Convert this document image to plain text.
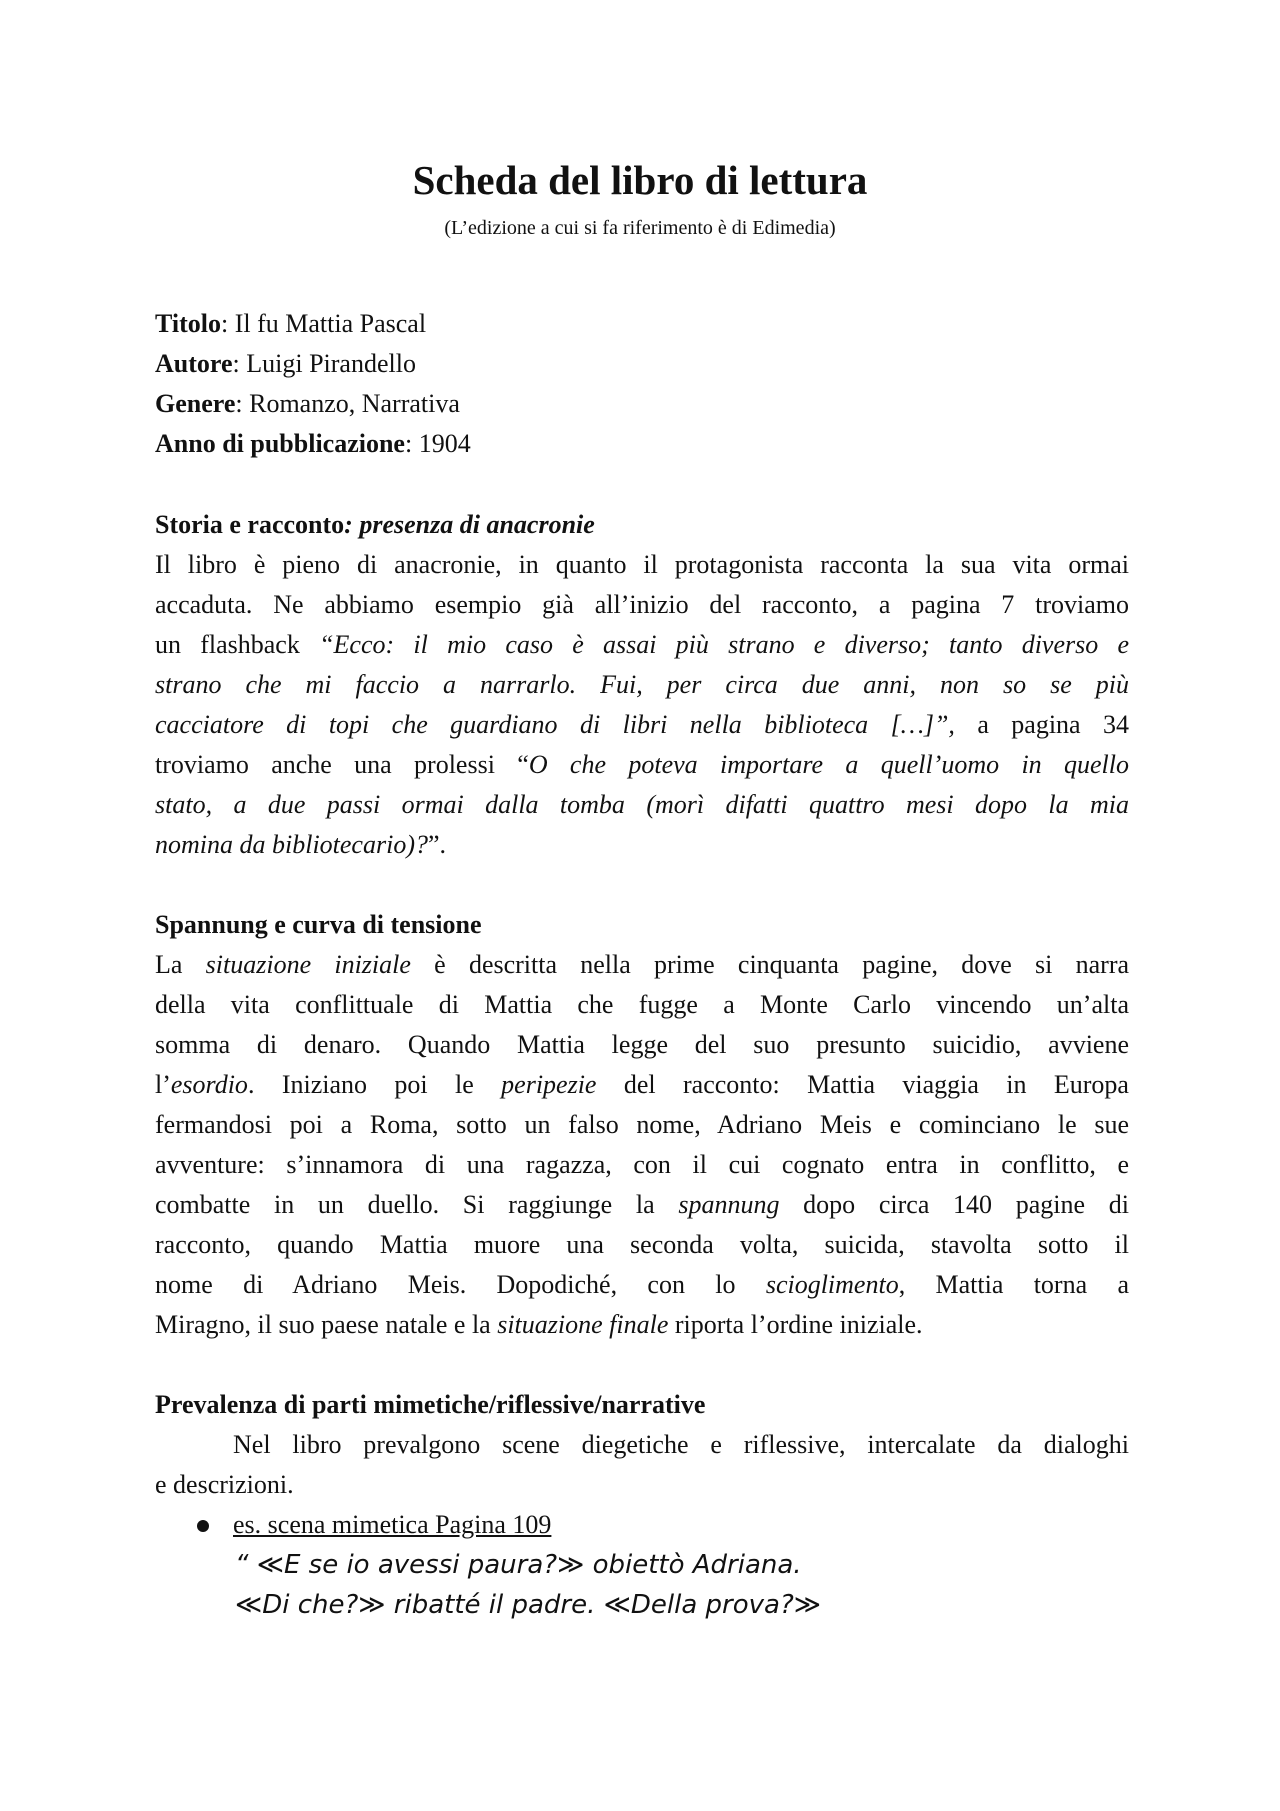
Scheda del libro di lettura
(L’edizione a cui si fa riferimento è di Edimedia)
Titolo: Il fu Mattia Pascal
Autore: Luigi Pirandello
Genere: Romanzo, Narrativa
Anno di pubblicazione: 1904
Storia e racconto: presenza di anacronie
Il libro è pieno di anacronie, in quanto il protagonista racconta la sua vita ormai
accaduta. Ne abbiamo esempio già all’inizio del racconto, a pagina 7 troviamo
un flashback “Ecco: il mio caso è assai più strano e diverso; tanto diverso e
strano che mi faccio a narrarlo. Fui, per circa due anni, non so se più
cacciatore di topi che guardiano di libri nella biblioteca […]”, a pagina 34
troviamo anche una prolessi “O che poteva importare a quell’uomo in quello
stato, a due passi ormai dalla tomba (morì difatti quattro mesi dopo la mia
nomina da bibliotecario)?”.
Spannung e curva di tensione
La situazione iniziale è descritta nella prime cinquanta pagine, dove si narra
della vita conflittuale di Mattia che fugge a Monte Carlo vincendo un’alta
somma di denaro. Quando Mattia legge del suo presunto suicidio, avviene
l’esordio. Iniziano poi le peripezie del racconto: Mattia viaggia in Europa
fermandosi poi a Roma, sotto un falso nome, Adriano Meis e cominciano le sue
avventure: s’innamora di una ragazza, con il cui cognato entra in conflitto, e
combatte in un duello. Si raggiunge la spannung dopo circa 140 pagine di
racconto, quando Mattia muore una seconda volta, suicida, stavolta sotto il
nome di Adriano Meis. Dopodiché, con lo scioglimento, Mattia torna a
Miragno, il suo paese natale e la situazione finale riporta l’ordine iniziale.
Prevalenza di parti mimetiche/riflessive/narrative
Nel libro prevalgono scene diegetiche e riflessive, intercalate da dialoghi
e descrizioni.
es. scena mimetica Pagina 109
“ ≪E se io avessi paura?≫ obiettò Adriana.
≪Di che?≫ ribatté il padre. ≪Della prova?≫
